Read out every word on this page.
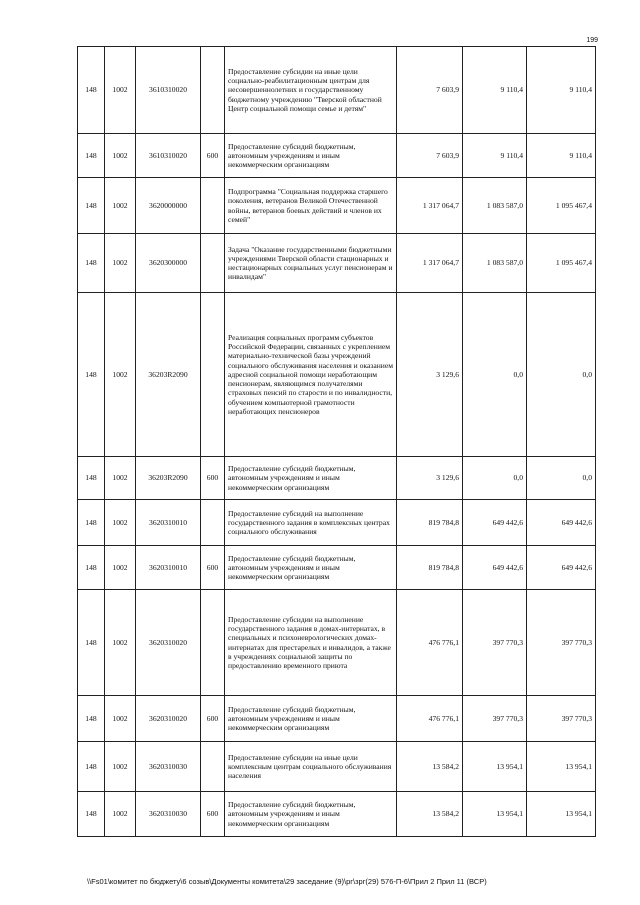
199
148	1002	3610310020		Предоставление субсидии на иные цели социально-реабилитационным центрам для несовершеннолетних и государственному бюджетному учреждению "Тверской областной Центр социальной помощи семье и детям"	7 603,9	9 110,4	9 110,4
148	1002	3610310020	600	Предоставление субсидий бюджетным, автономным учреждениям и иным некоммерческим организациям	7 603,9	9 110,4	9 110,4
148	1002	3620000000		Подпрограмма "Социальная поддержка старшего поколения, ветеранов Великой Отечественной войны, ветеранов боевых действий и членов их семей"	1 317 064,7	1 083 587,0	1 095 467,4
148	1002	3620300000		Задача "Оказание государственными бюджетными учреждениями Тверской области стационарных и нестационарных социальных услуг пенсионерам и инвалидам"	1 317 064,7	1 083 587,0	1 095 467,4
148	1002	36203R2090		Реализация социальных программ субъектов Российской Федерации, связанных с укреплением материально-технической базы учреждений социального обслуживания населения и оказанием адресной социальной помощи неработающим пенсионерам, являющимся получателями страховых пенсий по старости и по инвалидности, обучением компьютерной грамотности неработающих пенсионеров	3 129,6	0,0	0,0
148	1002	36203R2090	600	Предоставление субсидий бюджетным, автономным учреждениям и иным некоммерческим организациям	3 129,6	0,0	0,0
148	1002	3620310010		Предоставление субсидий на выполнение государственного задания в комплексных центрах социального обслуживания	819 784,8	649 442,6	649 442,6
148	1002	3620310010	600	Предоставление субсидий бюджетным, автономным учреждениям и иным некоммерческим организациям	819 784,8	649 442,6	649 442,6
148	1002	3620310020		Предоставление субсидии на выполнение государственного задания в домах-интернатах, в специальных и психоневрологических домах-интернатах для престарелых и инвалидов, а также в учреждениях социальной защиты по предоставлению временного приюта	476 776,1	397 770,3	397 770,3
148	1002	3620310020	600	Предоставление субсидий бюджетным, автономным учреждениям и иным некоммерческим организациям	476 776,1	397 770,3	397 770,3
148	1002	3620310030		Предоставление субсидии на иные цели комплексным центрам социального обслуживания населения	13 584,2	13 954,1	13 954,1
148	1002	3620310030	600	Предоставление субсидий бюджетным, автономным учреждениям и иным некоммерческим организациям	13 584,2	13 954,1	13 954,1
\\Fs01\комитет по бюджету\6 созыв\Документы комитета\29 заседание (9)\рг\зрг(29) 576-П-6\Прил 2 Прил 11 (ВСР)
